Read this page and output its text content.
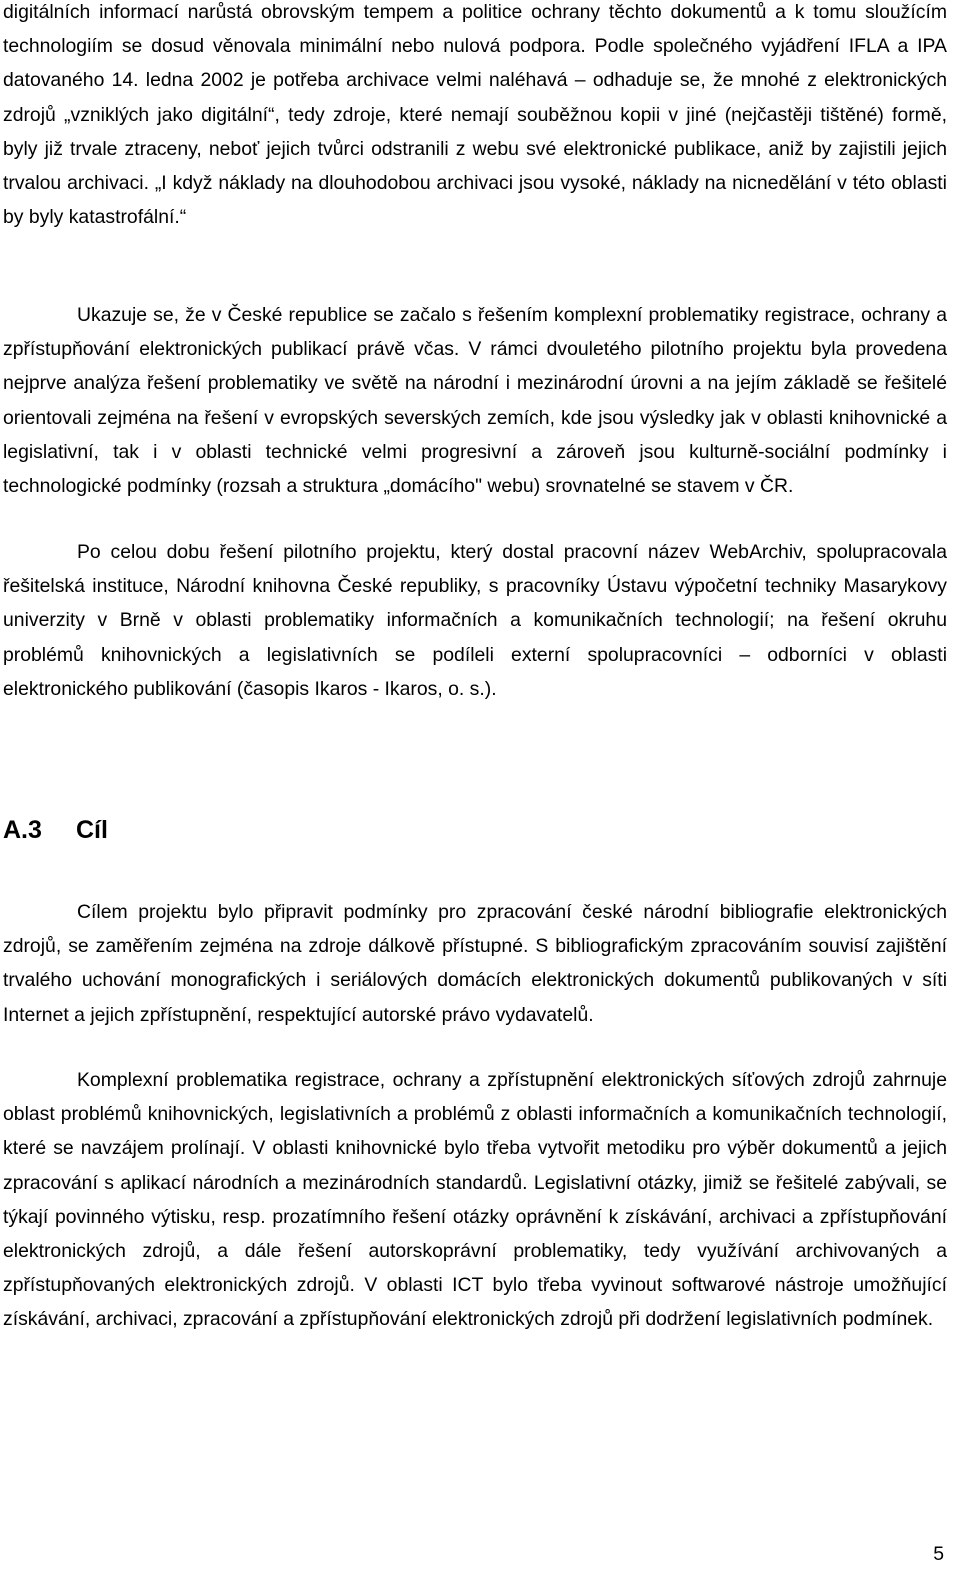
digitálních informací narůstá obrovským tempem a politice ochrany těchto dokumentů a k tomu sloužícím technologiím se dosud věnovala minimální nebo nulová podpora. Podle společného vyjádření IFLA a IPA datovaného 14. ledna 2002 je potřeba archivace velmi naléhavá – odhaduje se, že mnohé z elektronických zdrojů „vzniklých jako digitální“, tedy zdroje, které nemají souběžnou kopii v jiné (nejčastěji tištěné) formě, byly již trvale ztraceny, neboť jejich tvůrci odstranili z webu své elektronické publikace, aniž by zajistili jejich trvalou archivaci. „I když náklady na dlouhodobou archivaci jsou vysoké, náklady na nicnedělání v této oblasti by byly katastrofální.“

Ukazuje se, že v České republice se začalo s řešením komplexní problematiky registrace, ochrany a zpřístupňování elektronických publikací právě včas. V rámci dvouletého pilotního projektu byla provedena nejprve analýza řešení problematiky ve světě na národní i mezinárodní úrovni a na jejím základě se řešitelé orientovali zejména na řešení v evropských severských zemích, kde jsou výsledky jak v oblasti knihovnické a legislativní, tak i v oblasti technické velmi progresivní a zároveň jsou kulturně-sociální podmínky i technologické podmínky (rozsah a struktura „domácího" webu) srovnatelné se stavem v ČR.

Po celou dobu řešení pilotního projektu, který dostal pracovní název WebArchiv, spolupracovala řešitelská instituce, Národní knihovna České republiky, s pracovníky Ústavu výpočetní techniky Masarykovy univerzity v Brně v oblasti problematiky informačních a komunikačních technologií; na řešení okruhu problémů knihovnických a legislativních se podíleli externí spolupracovníci – odborníci v oblasti elektronického publikování (časopis Ikaros - Ikaros, o. s.).

A.3 Cíl

Cílem projektu bylo připravit podmínky pro zpracování české národní bibliografie elektronických zdrojů, se zaměřením zejména na zdroje dálkově přístupné. S bibliografickým zpracováním souvisí zajištění trvalého uchování monografických i seriálových domácích elektronických dokumentů publikovaných v síti Internet a jejich zpřístupnění, respektující autorské právo vydavatelů.

Komplexní problematika registrace, ochrany a zpřístupnění elektronických síťových zdrojů zahrnuje oblast problémů knihovnických, legislativních a problémů z oblasti informačních a komunikačních technologií, které se navzájem prolínají. V oblasti knihovnické bylo třeba vytvořit metodiku pro výběr dokumentů a jejich zpracování s aplikací národních a mezinárodních standardů. Legislativní otázky, jimiž se řešitelé zabývali, se týkají povinného výtisku, resp. prozatímního řešení otázky oprávnění k získávání, archivaci a zpřístupňování elektronických zdrojů, a dále řešení autorskoprávní problematiky, tedy využívání archivovaných a zpřístupňovaných elektronických zdrojů. V oblasti ICT bylo třeba vyvinout softwarové nástroje umožňující získávání, archivaci, zpracování a zpřístupňování elektronických zdrojů při dodržení legislativních podmínek.

5
